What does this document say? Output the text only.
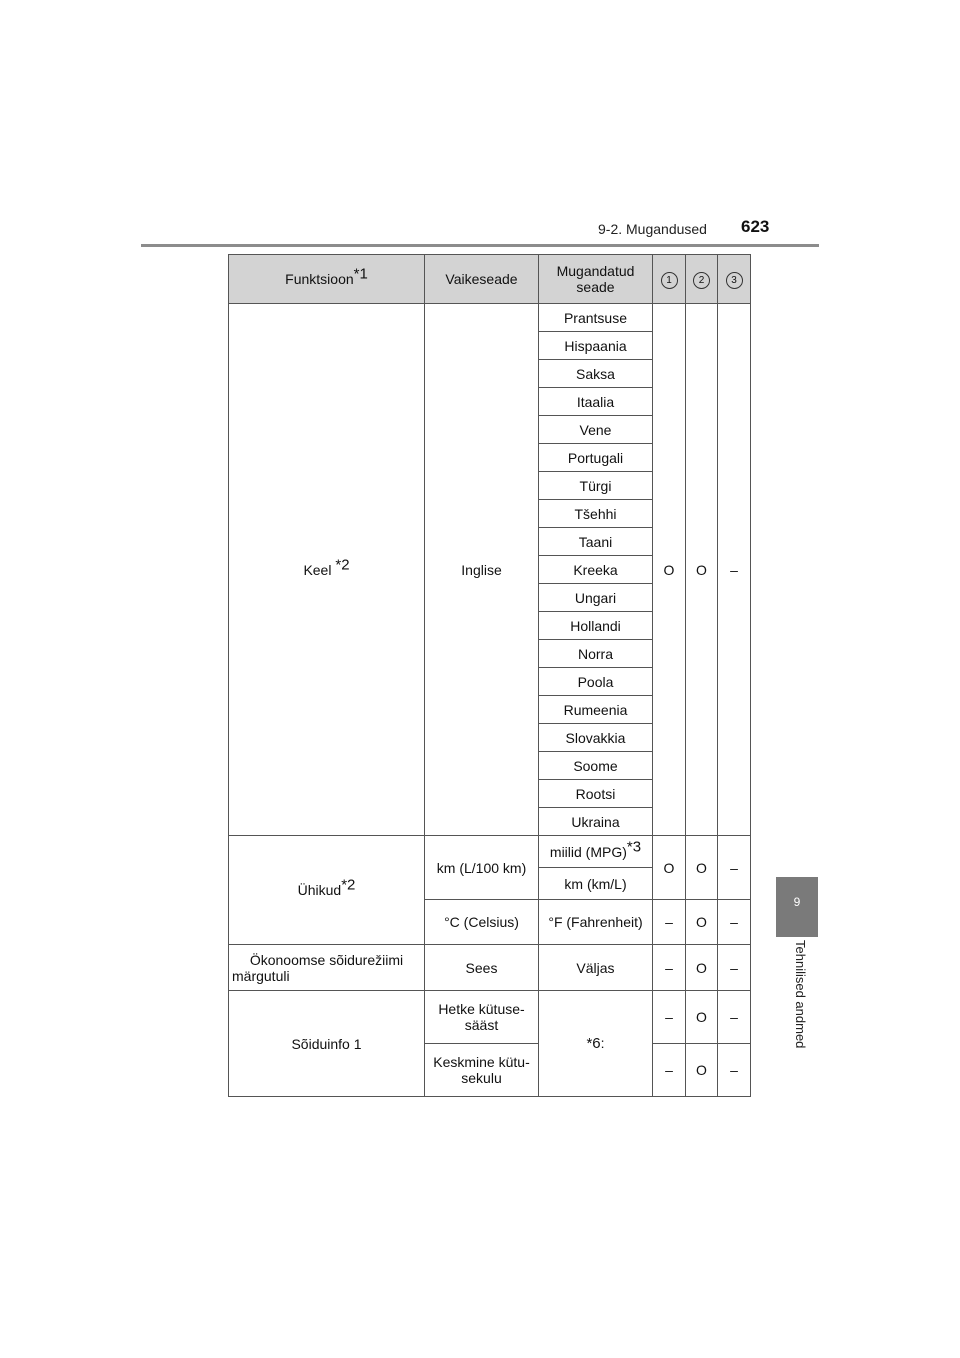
9-2. Mugandused 623
9
Tehnilised andmed
Funktsioon$^{*1}$	Vaikeseade	Mugandatud seade	1	2	3
Keel $^{*2}$	Inglise	Prantsuse	O	O	–
		Hispaania			
		Saksa			
		Itaalia			
		Vene			
		Portugali			
		Türgi			
		Tšehhi			
		Taani			
		Kreeka			
		Ungari			
		Hollandi			
		Norra			
		Poola			
		Rumeenia			
		Slovakkia			
		Soome			
		Rootsi			
		Ukraina			
Ühikud$^{*2}$	km (L/100 km)	miilid (MPG)$^{*3}$	O	O	–
		km (km/L)			
	°C (Celsius)	°F (Fahrenheit)	–	O	–
Ökonoomse sõidurežiimi märgutuli	Sees	Väljas	–	O	–
Sõiduinfo 1	Hetke kütuse-sääst	*6:	–	O	–
	Keskmine kütu-sekulu		–	O	–
